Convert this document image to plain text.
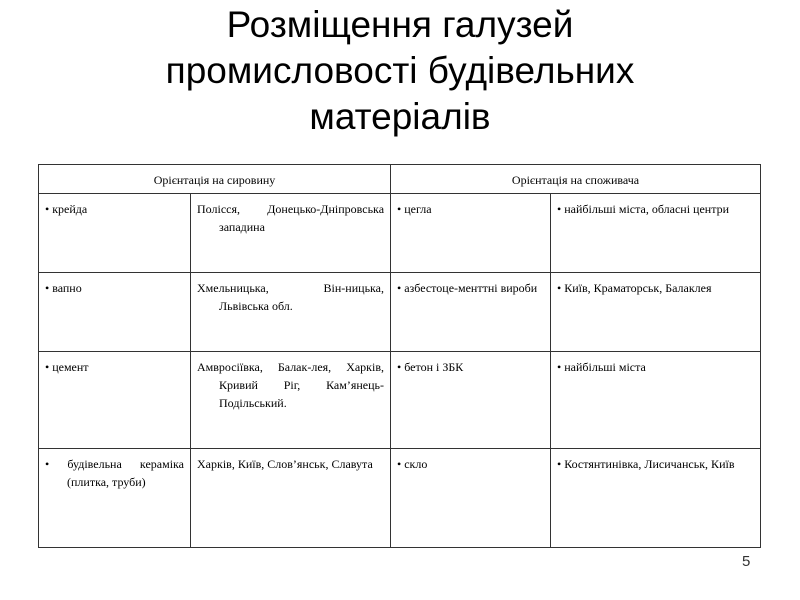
Розміщення галузей
промисловості будівельних
матеріалів
Орієнтація на сировину		Орієнтація на споживача	
• крейда	Полісся, Донецько-Дніпровська западина	• цегла	• найбільші міста, обласні центри
• вапно	Хмельницька, Він-ницька, Львівська обл.	• азбестоце-менттні вироби	• Київ, Краматорськ, Балаклея
• цемент	Амвросіївка, Балак-лея, Харків, Кривий Ріг, Кам’янець-Подільський.	• бетон і ЗБК	• найбільші міста
• будівельна кераміка (плитка, труби)	Харків, Київ, Слов’янськ, Славута	• скло	• Костянтинівка, Лисичанськ, Київ
5
